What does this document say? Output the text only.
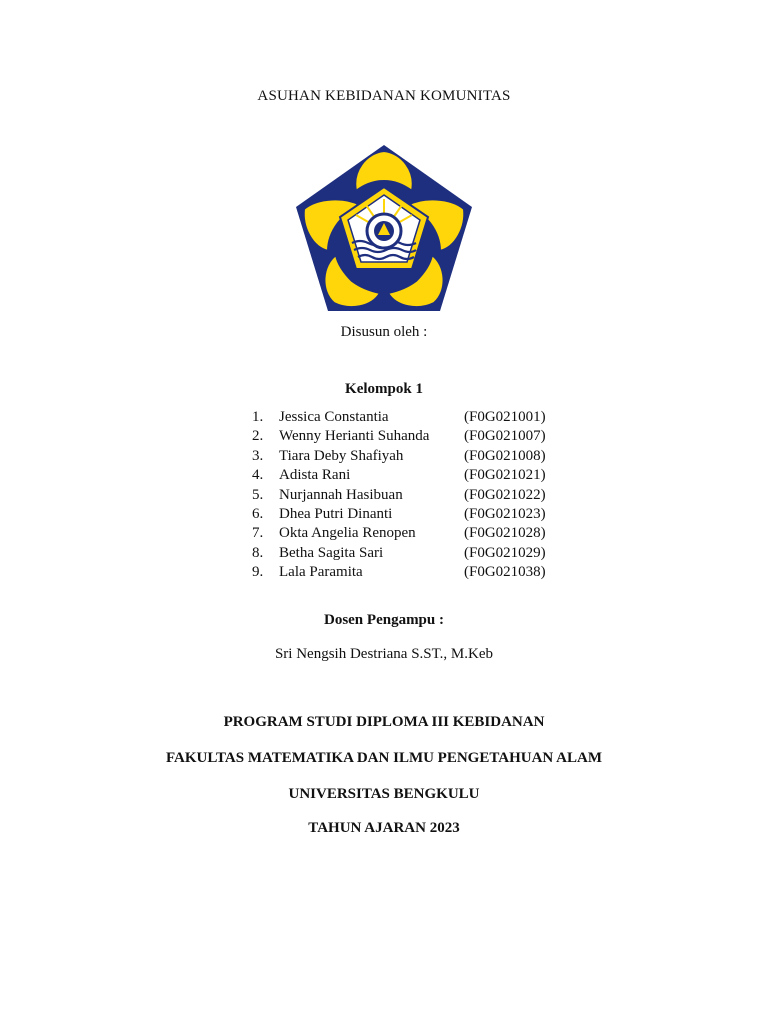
ASUHAN KEBIDANAN KOMUNITAS
Disusun oleh :
Kelompok 1
1.	Jessica Constantia	(F0G021001)
2.	Wenny Herianti Suhanda (F0G021007)
3.	Tiara Deby Shafiyah	(F0G021008)
4.	Adista Rani	(F0G021021)
5.	Nurjannah Hasibuan	(F0G021022)
6.	Dhea Putri Dinanti	(F0G021023)
7.	Okta Angelia Renopen	(F0G021028)
8.	Betha Sagita Sari	(F0G021029)
9.	Lala Paramita	(F0G021038)
Dosen Pengampu :
Sri Nengsih Destriana S.ST., M.Keb
PROGRAM STUDI DIPLOMA III KEBIDANAN
FAKULTAS MATEMATIKA DAN ILMU PENGETAHUAN ALAM
UNIVERSITAS BENGKULU
TAHUN AJARAN 2023
